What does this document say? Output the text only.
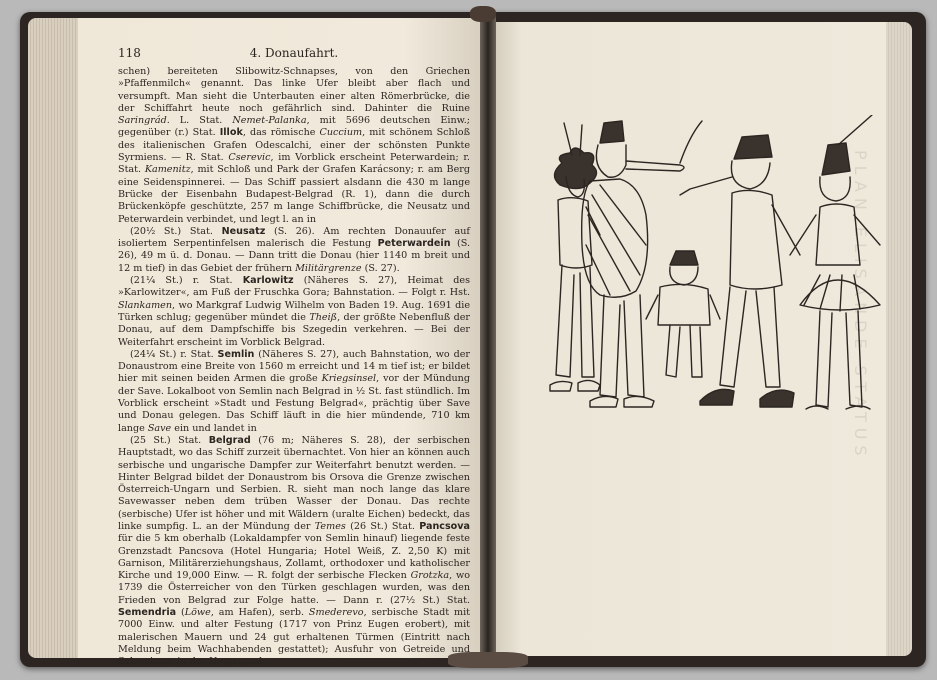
118	4. Donaufahrt.

schen) bereiteten Slibowitz-Schnapses, von den Griechen »Pfaffenmilch« genannt. Das linke Ufer bleibt aber flach und versumpft. Man sieht die Unterbauten einer alten Römerbrücke, die der Schiffahrt heute noch gefährlich sind. Dahinter die Ruine Saringrád. L. Stat. Nemet-Palanka, mit 5696 deutschen Einw.; gegenüber (r.) Stat. Illok, das römische Cuccium, mit schönem Schloß des italienischen Grafen Odescalchi, einer der schönsten Punkte Syrmiens. — R. Stat. Cserevic, im Vorblick erscheint Peterwardein; r. Stat. Kamenitz, mit Schloß und Park der Grafen Karácsony; r. am Berg eine Seidenspinnerei. — Das Schiff passiert alsdann die 430 m lange Brücke der Eisenbahn Budapest-Belgrad (R. 1), dann die durch Brückenköpfe geschützte, 257 m lange Schiffbrücke, die Neusatz und Peterwardein verbindet, und legt l. an in

(20½ St.) Stat. Neusatz (S. 26). Am rechten Donauufer auf isoliertem Serpentinfelsen malerisch die Festung Peterwardein (S. 26), 49 m ü. d. Donau. — Dann tritt die Donau (hier 1140 m breit und 12 m tief) in das Gebiet der frühern Militärgrenze (S. 27).

(21¼ St.) r. Stat. Karlowitz (Näheres S. 27), Heimat des »Karlowitzer«, am Fuß der Fruschka Gora; Bahnstation. — Folgt r. Hst. Slankamen, wo Markgraf Ludwig Wilhelm von Baden 19. Aug. 1691 die Türken schlug; gegenüber mündet die Theiß, der größte Nebenfluß der Donau, auf dem Dampfschiffe bis Szegedin verkehren. — Bei der Weiterfahrt erscheint im Vorblick Belgrad.

(24¼ St.) r. Stat. Semlin (Näheres S. 27), auch Bahnstation, wo der Donaustrom eine Breite von 1560 m erreicht und 14 m tief ist; er bildet hier mit seinen beiden Armen die große Kriegsinsel, vor der Mündung der Save. Lokalboot von Semlin nach Belgrad in ½ St. fast stündlich. Im Vorblick erscheint »Stadt und Festung Belgrad«, prächtig über Save und Donau gelegen. Das Schiff läuft in die hier mündende, 710 km lange Save ein und landet in

(25 St.) Stat. Belgrad (76 m; Näheres S. 28), der serbischen Hauptstadt, wo das Schiff zurzeit übernachtet. Von hier an können auch serbische und ungarische Dampfer zur Weiterfahrt benutzt werden. — Hinter Belgrad bildet der Donaustrom bis Orsova die Grenze zwischen Österreich-Ungarn und Serbien. R. sieht man noch lange das klare Savewasser neben dem trüben Wasser der Donau. Das rechte (serbische) Ufer ist höher und mit Wäldern (uralte Eichen) bedeckt, das linke sumpfig. L. an der Mündung der Temes (26 St.) Stat. Pancsova für die 5 km oberhalb (Lokaldampfer von Semlin hinauf) liegende feste Grenzstadt Pancsova (Hotel Hungaria; Hotel Weiß, Z. 2,50 K) mit Garnison, Militärerziehungshaus, Zollamt, orthodoxer und katholischer Kirche und 19,000 Einw. — R. folgt der serbische Flecken Grotzka, wo 1739 die Österreicher von den Türken geschlagen wurden, was den Frieden von Belgrad zur Folge hatte. — Dann r. (27½ St.) Stat. Semendria (Löwe, am Hafen), serb. Smederevo, serbische Stadt mit 7000 Einw. und alter Festung (1717 von Prinz Eugen erobert), mit malerischen Mauern und 24 gut erhaltenen Türmen (Eintritt nach Meldung beim Wachhabenden gestattet); Ausfuhr von Getreide und Schweinen; in der Umgegend

PLAN ELISANDE STATUS
